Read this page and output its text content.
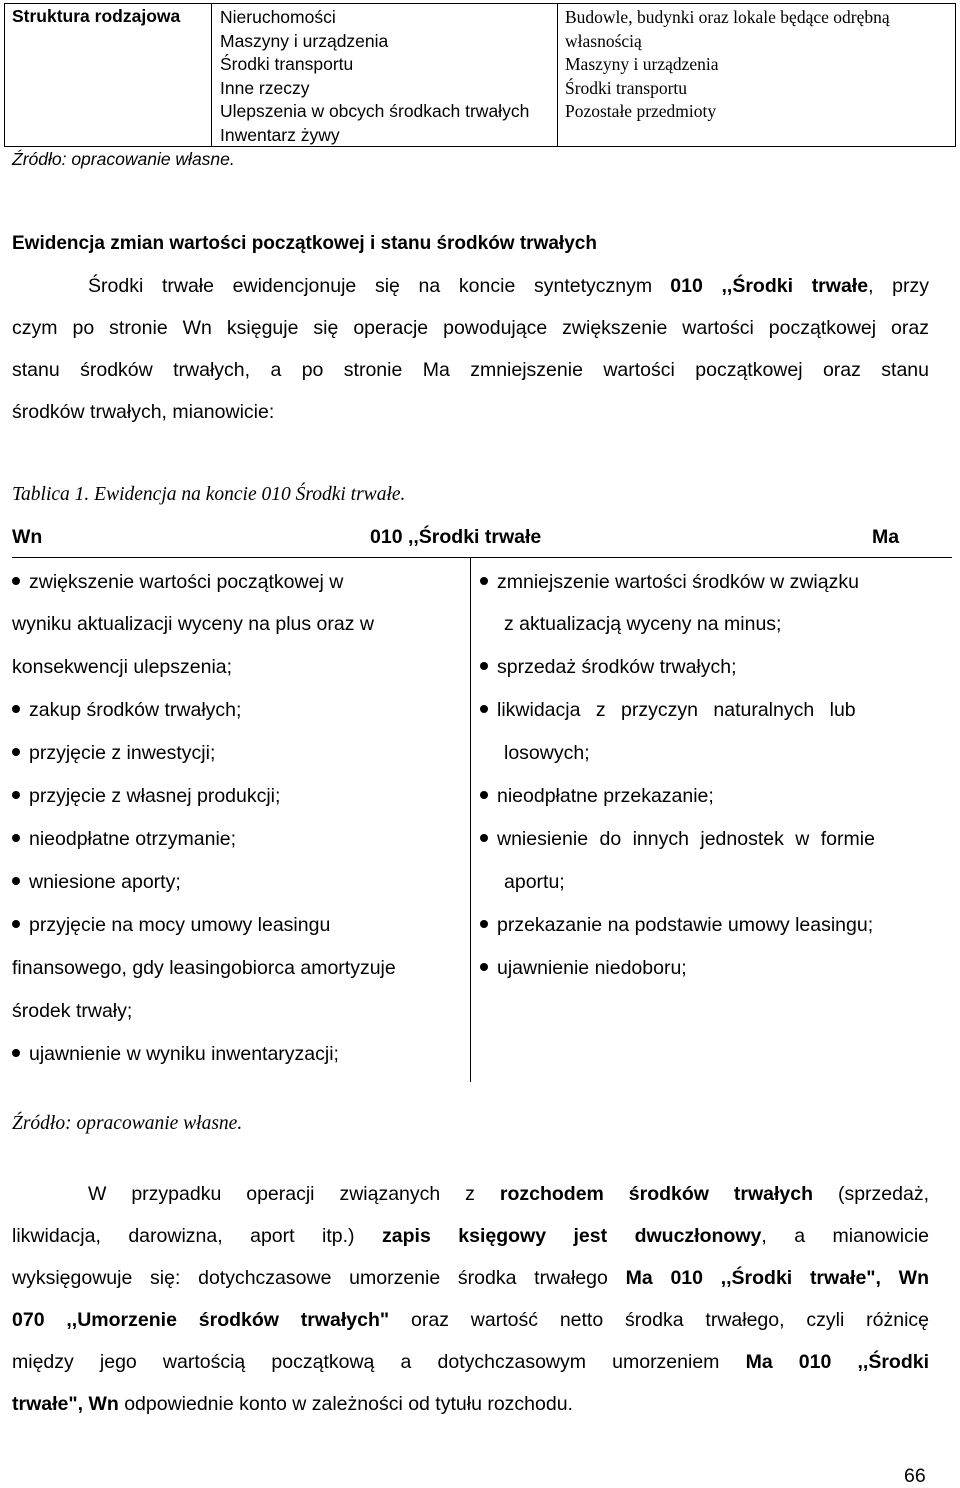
Struktura rodzajowa Nieruchomości
Maszyny i urządzenia
Środki transportu
Inne rzeczy
Ulepszenia w obcych środkach trwałych
Inwentarz żywy
Budowle, budynki oraz lokale będące odrębną
własnością
Maszyny i urządzenia
Środki transportu
Pozostałe przedmioty
Źródło: opracowanie własne.
Ewidencja zmian wartości początkowej i stanu środków trwałych
Środki trwałe ewidencjonuje się na koncie syntetycznym 010 ,,Środki trwałe, przy
czym po stronie Wn księguje się operacje powodujące zwiększenie wartości początkowej oraz
stanu środków trwałych, a po stronie Ma zmniejszenie wartości początkowej oraz stanu
środków trwałych, mianowicie:
Tablica 1. Ewidencja na koncie 010 Środki trwałe.
Wn	010 ,,Środki trwałe	Ma
zwiększenie wartości początkowej w
wyniku aktualizacji wyceny na plus oraz w
konsekwencji ulepszenia;
zakup środków trwałych;
przyjęcie z inwestycji;
przyjęcie z własnej produkcji;
nieodpłatne otrzymanie;
wniesione aporty;
przyjęcie na mocy umowy leasingu
finansowego, gdy leasingobiorca amortyzuje
środek trwały;
ujawnienie w wyniku inwentaryzacji;
zmniejszenie wartości środków w związku
z aktualizacją wyceny na minus;
sprzedaż środków trwałych;
likwidacja z przyczyn naturalnych lub
losowych;
nieodpłatne przekazanie;
wniesienie do innych jednostek w formie
aportu;
przekazanie na podstawie umowy leasingu;
ujawnienie niedoboru;
Źródło: opracowanie własne.
W przypadku operacji związanych z rozchodem środków trwałych (sprzedaż,
likwidacja, darowizna, aport itp.) zapis księgowy jest dwuczłonowy, a mianowicie
wyksięgowuje się: dotychczasowe umorzenie środka trwałego Ma 010 ,,Środki trwałe", Wn
070 ,,Umorzenie środków trwałych" oraz wartość netto środka trwałego, czyli różnicę
między jego wartością początkową a dotychczasowym umorzeniem Ma 010 ,,Środki
trwałe", Wn odpowiednie konto w zależności od tytułu rozchodu.
66
